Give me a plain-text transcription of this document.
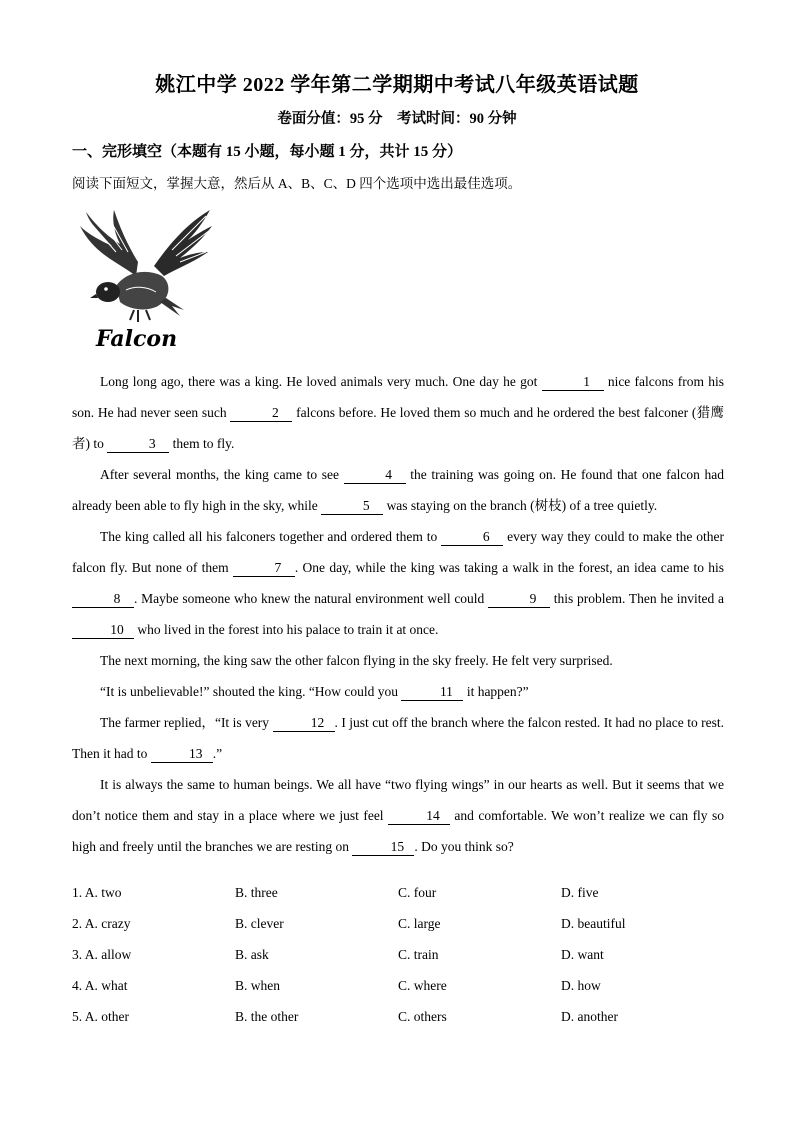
姚江中学 2022 学年第二学期期中考试八年级英语试题
卷面分值：95 分　考试时间：90 分钟
一、完形填空（本题有 15 小题，每小题 1 分，共计 15 分）
阅读下面短文，掌握大意，然后从 A、B、C、D 四个选项中选出最佳选项。
Falcon

Long long ago, there was a king. He loved animals very much. One day he got	1 nice falcons from his son. He had never seen such	2 falcons before. He loved them so much and he ordered the best falconer (猎鹰者) to	3 them to fly.

After several months, the king came to see	4 the training was going on. He found that one falcon had already been able to fly high in the sky, while	5 was staying on the branch (树枝) of a tree quietly.

The king called all his falconers together and ordered them to	6 every way they could to make the other falcon fly. But none of them	7 . One day, while the king was taking a walk in the forest, an idea came to his 8 . Maybe someone who knew the natural environment well could	9 this problem. Then he invited a 10 who lived in the forest into his palace to train it at once.

The next morning, the king saw the other falcon flying in the sky freely. He felt very surprised.

“It is unbelievable!” shouted the king. “How could you	11 it happen?”

The farmer replied，“It is very	12 . I just cut off the branch where the falcon rested. It had no place to rest. Then it had to	13 .”

It is always the same to human beings. We all have “two flying wings” in our hearts as well. But it seems that we don’t notice them and stay in a place where we just feel	14 and comfortable. We won’t realize we can fly so high and freely until the branches we are resting on	15 . Do you think so?

1. A. two	B. three	C. four	D. five
2. A. crazy	B. clever	C. large	D. beautiful
3. A. allow	B. ask	C. train	D. want
4. A. what	B. when	C. where	D. how
5. A. other	B. the other	C. others	D. another
